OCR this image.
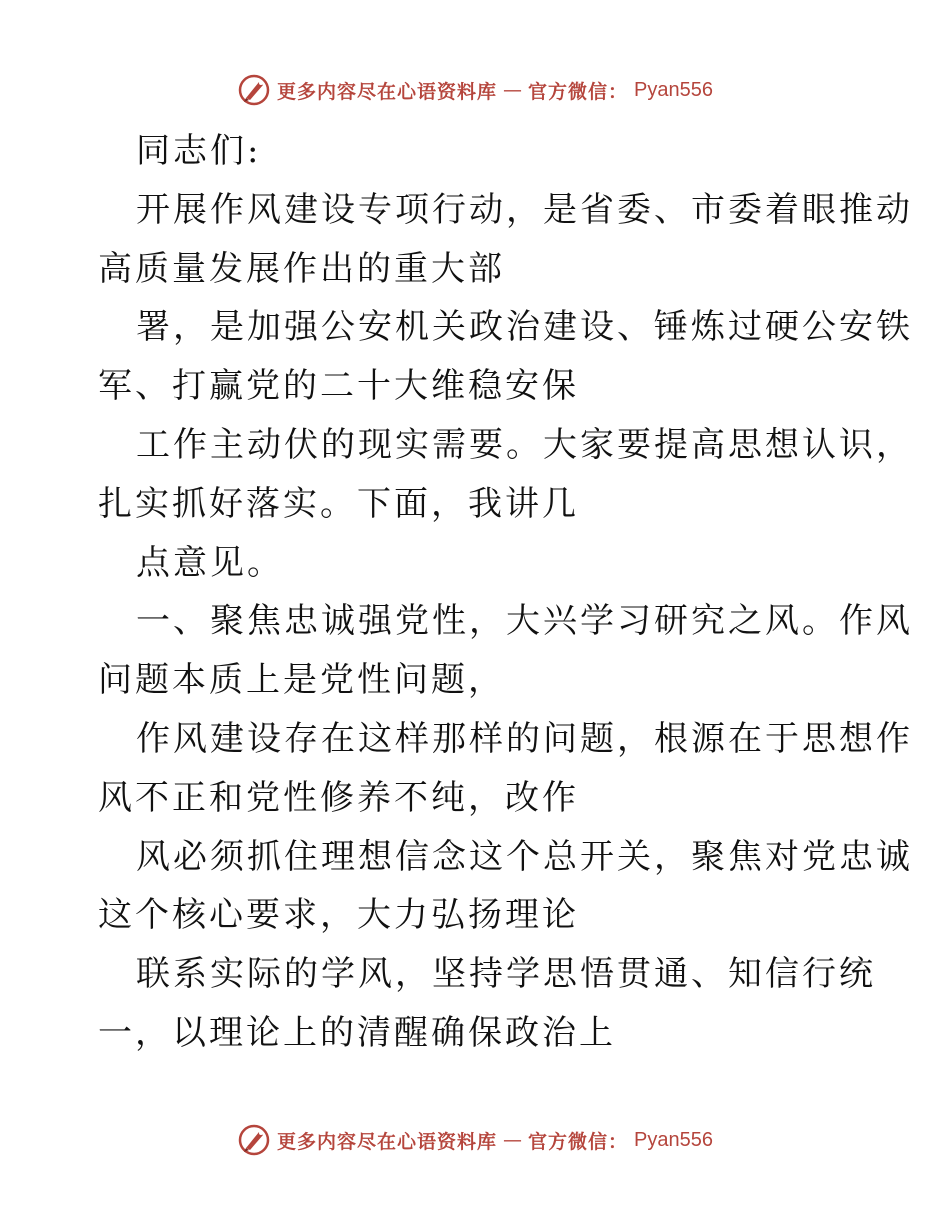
更多内容尽在心语资料库 — 官方微信： Pyan556
同志们:
开展作风建设专项行动，是省委、市委着眼推动
高质量发展作出的重大部
署，是加强公安机关政治建设、锤炼过硬公安铁
军、打赢党的二十大维稳安保
工作主动伏的现实需要。大家要提高思想认识，
扎实抓好落实。下面，我讲几
点意见。
一、聚焦忠诚强党性，大兴学习研究之风。作风
问题本质上是党性问题，
作风建设存在这样那样的问题，根源在于思想作
风不正和党性修养不纯，改作
风必须抓住理想信念这个总开关，聚焦对党忠诚
这个核心要求，大力弘扬理论
联系实际的学风，坚持学思悟贯通、知信行统
一，以理论上的清醒确保政治上
更多内容尽在心语资料库 — 官方微信： Pyan556
